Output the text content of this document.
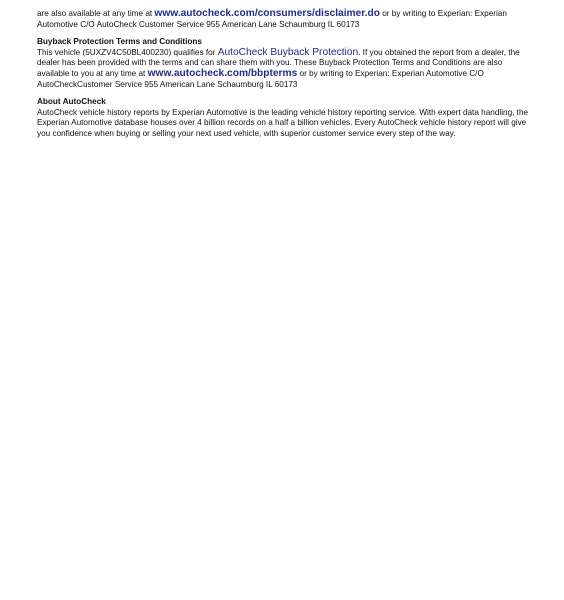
are also available at any time at www.autocheck.com/consumers/disclaimer.do or by writing to Experian: Experian Automotive C/O AutoCheck Customer Service 955 American Lane Schaumburg IL 60173

Buyback Protection Terms and Conditions

This vehicle (5UXZV4C50BL400230) qualifies for AutoCheck Buyback Protection. If you obtained the report from a dealer, the dealer has been provided with the terms and can share them with you. These Buyback Protection Terms and Conditions are also available to you at any time at www.autocheck.com/bbpterms or by writing to Experian: Experian Automotive C/O AutoCheckCustomer Service 955 American Lane Schaumburg IL 60173

About AutoCheck

AutoCheck vehicle history reports by Experian Automotive is the leading vehicle history reporting service. With expert data handling, the Experian Automotive database houses over 4 billion records on a half a billion vehicles. Every AutoCheck vehicle history report will give you confidence when buying or selling your next used vehicle, with superior customer service every step of the way.
